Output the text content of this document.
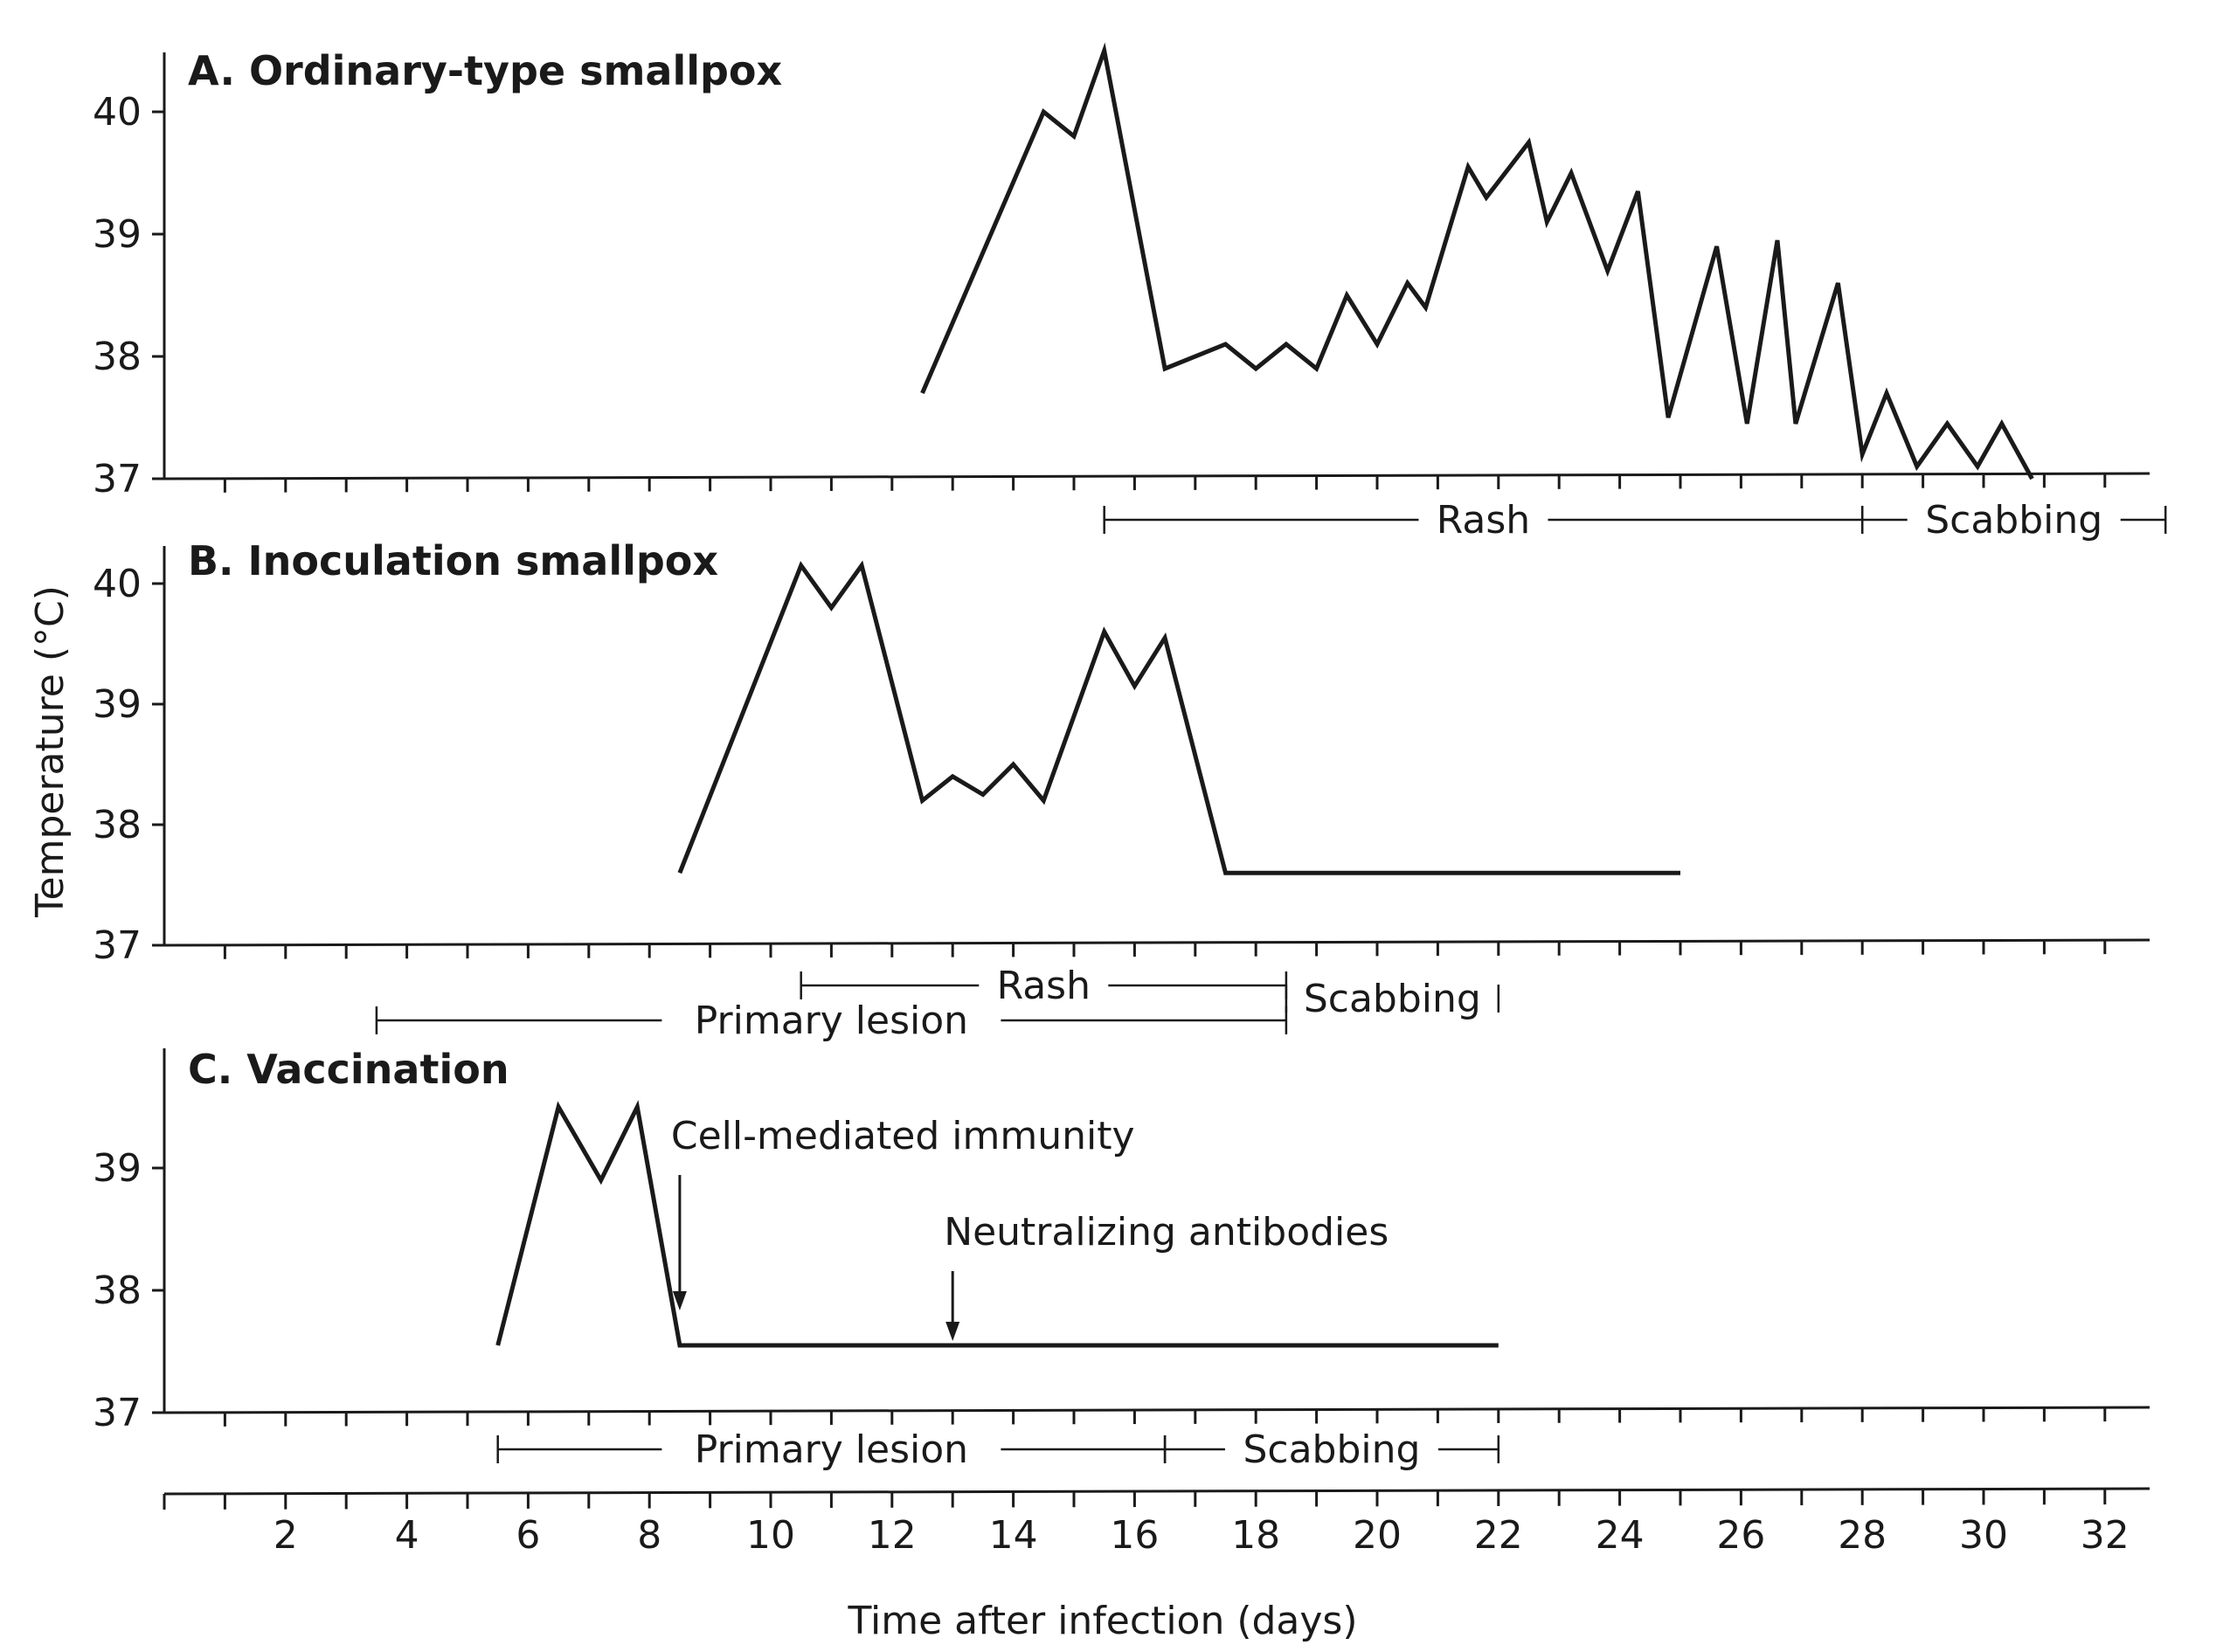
Temperature (°C)
A. Ordinary-type smallpox
B. Inoculation smallpox
C. Vaccination
37
38
39
40
Rash	Scabbing
37
38
39
40
Rash
Primary lesion	Scabbing
37
38
39
Primary lesion	Scabbing
Cell-mediated immunity
Neutralizing antibodies
2	4	6	8 10 12 14 16 18 20 22 24 26 28 30 32
Time after infection (days)
